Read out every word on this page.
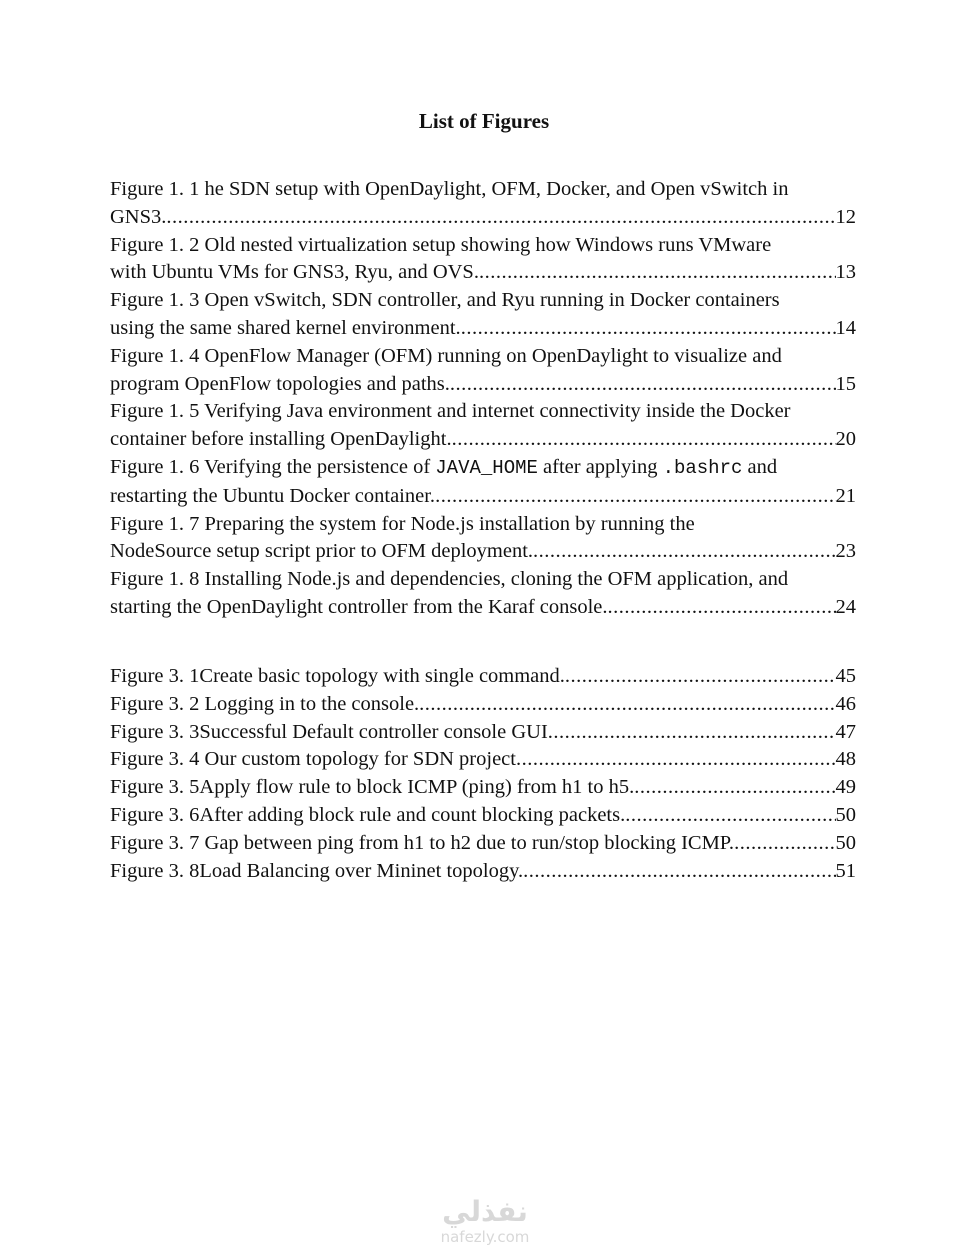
List of Figures
Figure 1. 1 he SDN setup with OpenDaylight, OFM, Docker, and Open vSwitch in
GNS3. .....	12
Figure 1. 2 Old nested virtualization setup showing how Windows runs VMware
with Ubuntu VMs for GNS3, Ryu, and OVS. .....	13
Figure 1. 3 Open vSwitch, SDN controller, and Ryu running in Docker containers
using the same shared kernel environment. .....	14
Figure 1. 4 OpenFlow Manager (OFM) running on OpenDaylight to visualize and
program OpenFlow topologies and paths. .....	15
Figure 1. 5 Verifying Java environment and internet connectivity inside the Docker
container before installing OpenDaylight. .....	20
Figure 1. 6 Verifying the persistence of JAVA_HOME after applying .bashrc and
restarting the Ubuntu Docker container. .....	21
Figure 1. 7 Preparing the system for Node.js installation by running the
NodeSource setup script prior to OFM deployment. .....	23
Figure 1. 8 Installing Node.js and dependencies, cloning the OFM application, and
starting the OpenDaylight controller from the Karaf console. .....	24
Figure 3. 1Create basic topology with single command. .....	45
Figure 3. 2 Logging in to the console. .....	46
Figure 3. 3Successful Default controller console GUI .....	47
Figure 3. 4 Our custom topology for SDN project .....	48
Figure 3. 5Apply flow rule to block ICMP (ping) from h1 to h5. .....	49
Figure 3. 6After adding block rule and count blocking packets. .....	50
Figure 3. 7 Gap between ping from h1 to h2 due to run/stop blocking ICMP. .....	50
Figure 3. 8Load Balancing over Mininet topology. .....	51
نفذلي
nafezly.com
